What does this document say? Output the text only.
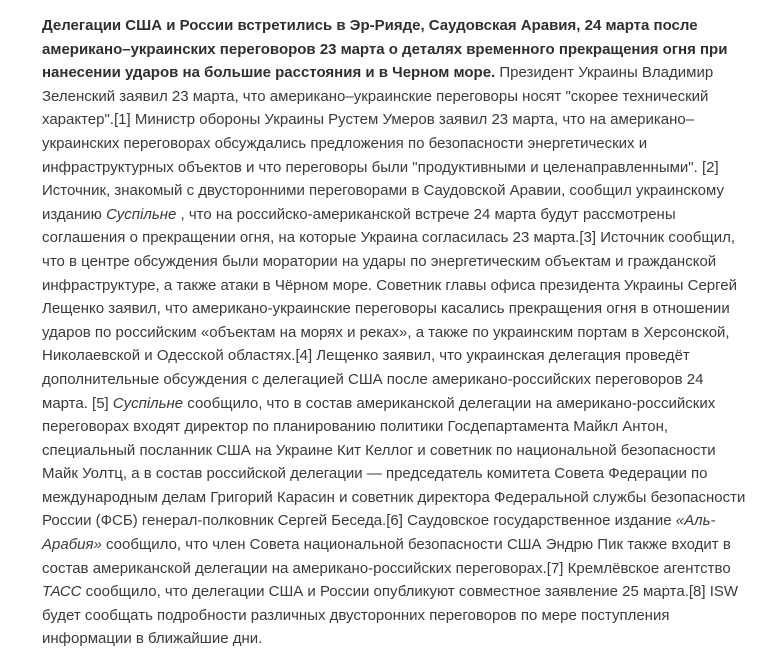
Делегации США и России встретились в Эр-Рияде, Саудовская Аравия, 24 марта после американо–украинских переговоров 23 марта о деталях временного прекращения огня при нанесении ударов на большие расстояния и в Черном море. Президент Украины Владимир Зеленский заявил 23 марта, что американо–украинские переговоры носят "скорее технический характер".[1] Министр обороны Украины Рустем Умеров заявил 23 марта, что на американо–украинских переговорах обсуждались предложения по безопасности энергетических и инфраструктурных объектов и что переговоры были "продуктивными и целенаправленными". [2] Источник, знакомый с двусторонними переговорами в Саудовской Аравии, сообщил украинскому изданию Суспільне , что на российско-американской встрече 24 марта будут рассмотрены соглашения о прекращении огня, на которые Украина согласилась 23 марта.[3] Источник сообщил, что в центре обсуждения были моратории на удары по энергетическим объектам и гражданской инфраструктуре, а также атаки в Чёрном море. Советник главы офиса президента Украины Сергей Лещенко заявил, что американо-украинские переговоры касались прекращения огня в отношении ударов по российским «объектам на морях и реках», а также по украинским портам в Херсонской, Николаевской и Одесской областях.[4] Лещенко заявил, что украинская делегация проведёт дополнительные обсуждения с делегацией США после американо-российских переговоров 24 марта. [5] Суспільне сообщило, что в состав американской делегации на американо-российских переговорах входят директор по планированию политики Госдепартамента Майкл Антон, специальный посланник США на Украине Кит Келлог и советник по национальной безопасности Майк Уолтц, а в состав российской делегации — председатель комитета Совета Федерации по международным делам Григорий Карасин и советник директора Федеральной службы безопасности России (ФСБ) генерал-полковник Сергей Беседа.[6] Саудовское государственное издание «Аль-Арабия» сообщило, что член Совета национальной безопасности США Эндрю Пик также входит в состав американской делегации на американо-российских переговорах.[7] Кремлёвское агентство ТАСС сообщило, что делегации США и России опубликуют совместное заявление 25 марта.[8] ISW будет сообщать подробности различных двусторонних переговоров по мере поступления информации в ближайшие дни.
